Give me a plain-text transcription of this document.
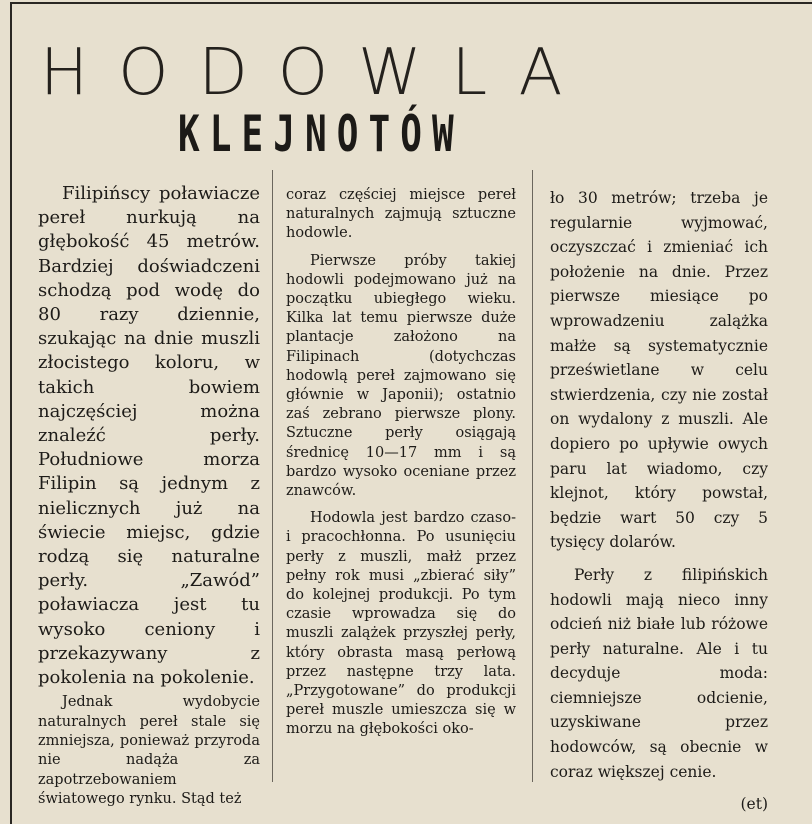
HODOWLA
KLEJNOTÓW

Filipińscy poławiacze pereł nurkują na głębokość 45 metrów. Bardziej doświadczeni schodzą pod wodę do 80 razy dziennie, szukając na dnie muszli złocistego koloru, w takich bowiem najczęściej można znaleźć perły. Południowe morza Filipin są jednym z nielicznych już na świecie miejsc, gdzie rodzą się naturalne perły. „Zawód” poławiacza jest tu wysoko ceniony i przekazywany z pokolenia na pokolenie.

Jednak wydobycie naturalnych pereł stale się zmniejsza, ponieważ przyroda nie nadąża za zapotrzebowaniem światowego rynku. Stąd też

coraz częściej miejsce pereł naturalnych zajmują sztuczne hodowle.

Pierwsze próby takiej hodowli podejmowano już na początku ubiegłego wieku. Kilka lat temu pierwsze duże plantacje założono na Filipinach (dotychczas hodowlą pereł zajmowano się głównie w Japonii); ostatnio zaś zebrano pierwsze plony. Sztuczne perły osiągają średnicę 10—17 mm i są bardzo wysoko oceniane przez znawców.

Hodowla jest bardzo czaso- i pracochłonna. Po usunięciu perły z muszli, małż przez pełny rok musi „zbierać siły” do kolejnej produkcji. Po tym czasie wprowadza się do muszli zalążek przyszłej perły, który obrasta masą perłową przez następne trzy lata. „Przygotowane” do produkcji pereł muszle umieszcza się w morzu na głębokości oko-

ło 30 metrów; trzeba je regularnie wyjmować, oczyszczać i zmieniać ich położenie na dnie. Przez pierwsze miesiące po wprowadzeniu zalążka małże są systematycznie prześwietlane w celu stwierdzenia, czy nie został on wydalony z muszli. Ale dopiero po upływie owych paru lat wiadomo, czy klejnot, który powstał, będzie wart 50 czy 5 tysięcy dolarów.

Perły z filipińskich hodowli mają nieco inny odcień niż białe lub różowe perły naturalne. Ale i tu decyduje moda: ciemniejsze odcienie, uzyskiwane przez hodowców, są obecnie w coraz większej cenie.

(et)
